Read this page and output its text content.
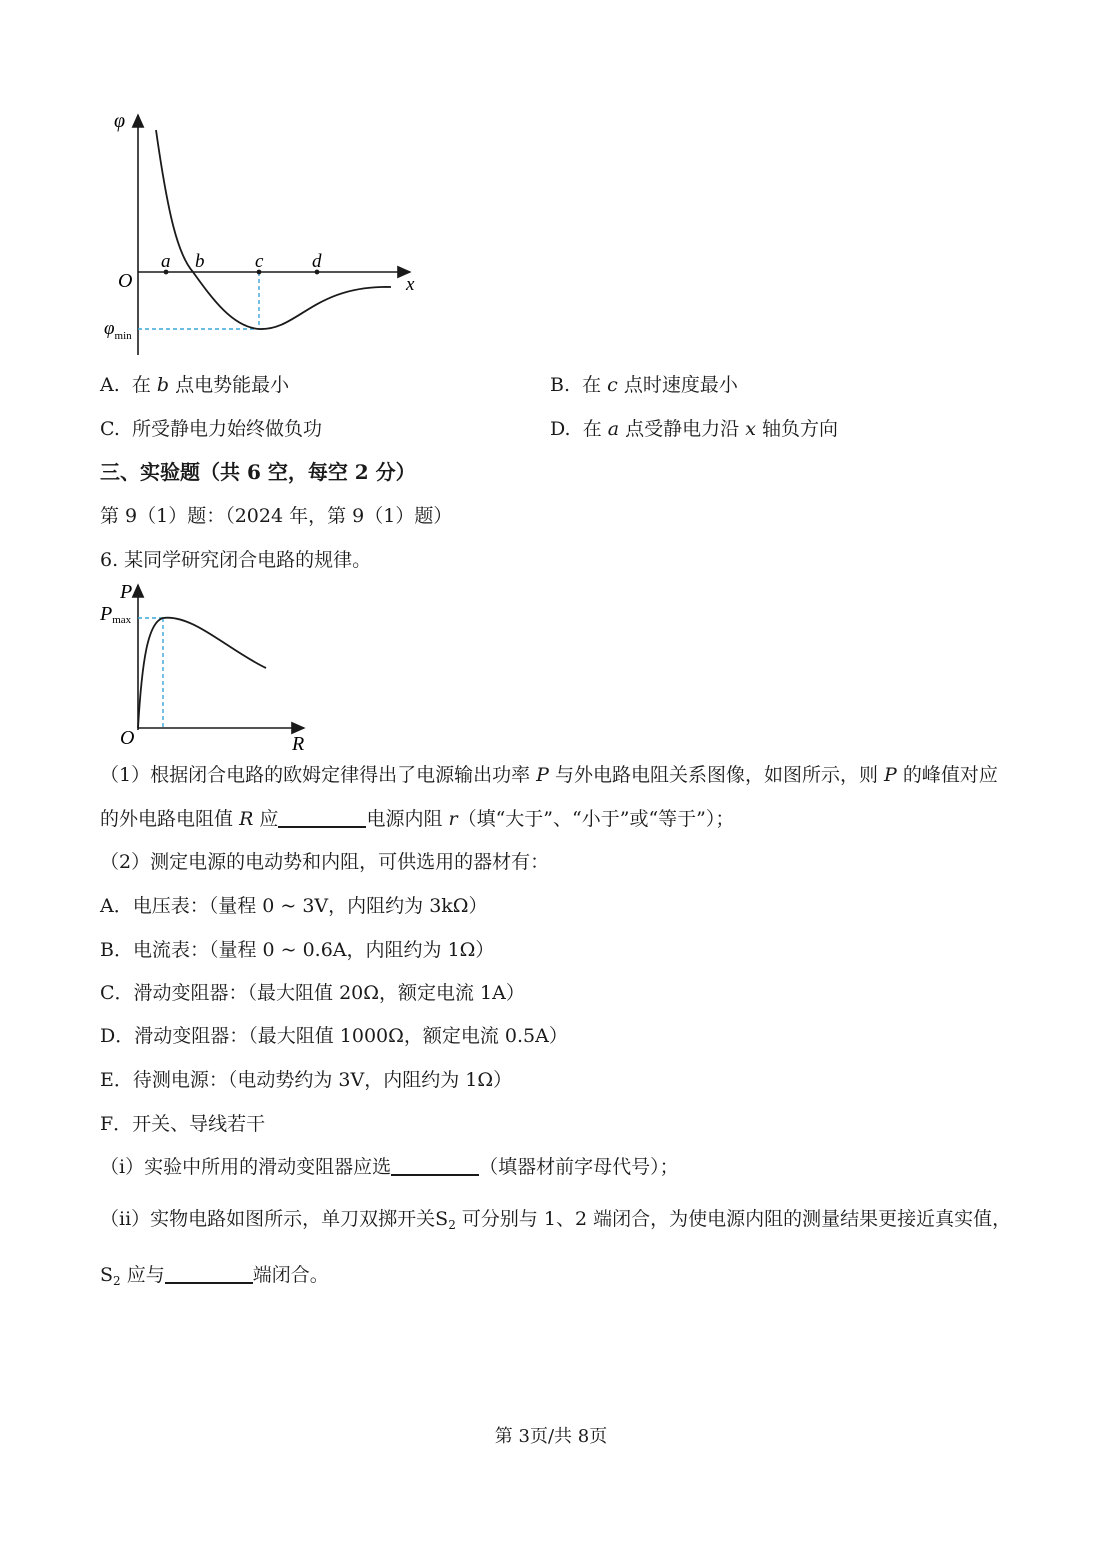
φ
O	x
a b	c	d
$\varphi_{min}$
A. 在 b 点电势能最小	B. 在 c 点时速度最小
C. 所受静电力始终做负功	D. 在 a 点受静电力沿 x 轴负方向
三、实验题（共 6 空，每空 2 分）
第 9（1）题：（2024 年，第 9（1）题）
6. 某同学研究闭合电路的规律。
P
Pmax
O	R
（1）根据闭合电路的欧姆定律得出了电源输出功率 P 与外电路电阻关系图像，如图所示，则 P 的峰值对应
的外电路电阻值 R 应	电源内阻 r（填“大于”、“小于”或“等于”）；
（2）测定电源的电动势和内阻，可供选用的器材有：
A．电压表：（量程 0 ~ 3V，内阻约为 3kΩ）
B．电流表：（量程 0 ~ 0.6A，内阻约为 1Ω）
C．滑动变阻器：（最大阻值 20Ω，额定电流 1A）
D．滑动变阻器：（最大阻值 1000Ω，额定电流 0.5A）
E．待测电源：（电动势约为 3V，内阻约为 1Ω）
F．开关、导线若干
（i）实验中所用的滑动变阻器应选	（填器材前字母代号）；
（ii）实物电路如图所示，单刀双掷开关$S_2$ 可分别与 1、2 端闭合，为使电源内阻的测量结果更接近真实值，
$S_2$ 应与	端闭合。
第 3页/共 8页
